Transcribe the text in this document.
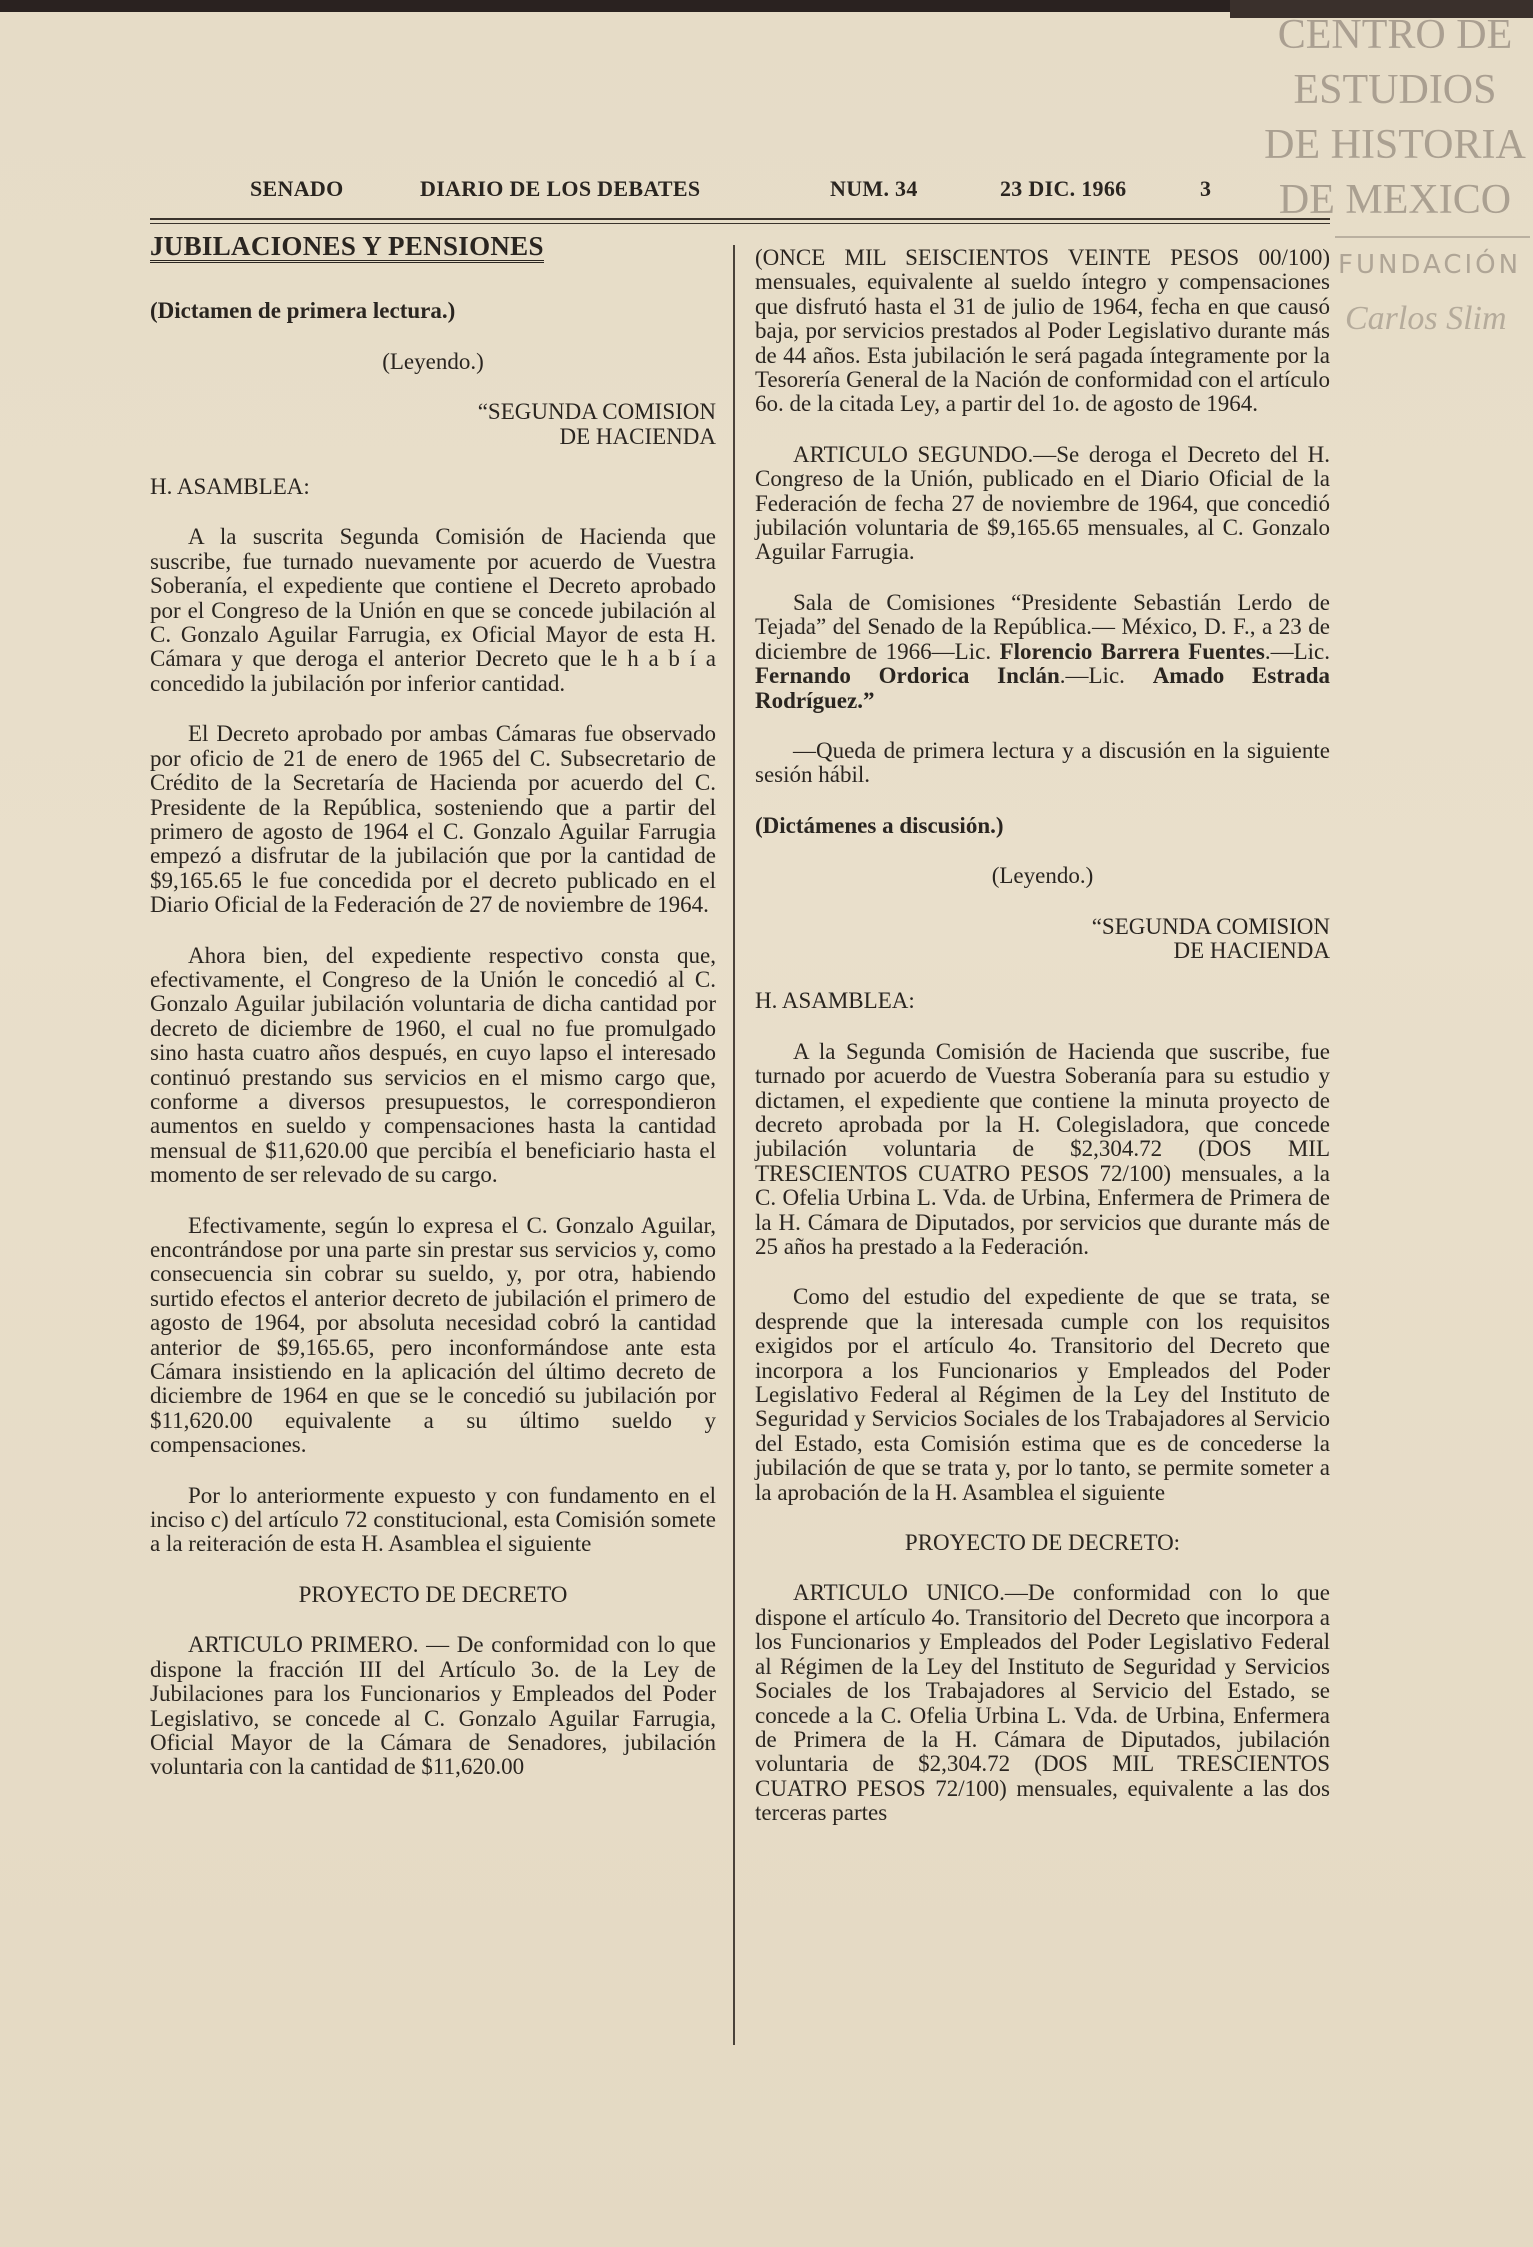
CENTRO DE
ESTUDIOS
DE HISTORIA
DE MEXICO
FUNDACIÓN
Carlos Slim
SENADO	DIARIO DE LOS DEBATES	NUM. 34	23 DIC. 1966	3
JUBILACIONES Y PENSIONES

(Dictamen de primera lectura.)

(Leyendo.)

“SEGUNDA COMISION

DE HACIENDA

H. ASAMBLEA:

A la suscrita Segunda Comisión de Hacienda que suscribe, fue turnado nuevamente por acuerdo de Vuestra Soberanía, el expediente que contiene el Decreto aprobado por el Congreso de la Unión en que se concede jubilación al C. Gonzalo Aguilar Farrugia, ex Oficial Mayor de esta H. Cámara y que deroga el anterior Decreto que le h a b í a concedido la jubilación por inferior cantidad.

El Decreto aprobado por ambas Cámaras fue observado por oficio de 21 de enero de 1965 del C. Subsecretario de Crédito de la Secretaría de Hacienda por acuerdo del C. Presidente de la República, sosteniendo que a partir del primero de agosto de 1964 el C. Gonzalo Aguilar Farrugia empezó a disfrutar de la jubilación que por la cantidad de $9,165.65 le fue concedida por el decreto publicado en el Diario Oficial de la Federación de 27 de noviembre de 1964.

Ahora bien, del expediente respectivo consta que, efectivamente, el Congreso de la Unión le concedió al C. Gonzalo Aguilar jubilación voluntaria de dicha cantidad por decreto de diciembre de 1960, el cual no fue promulgado sino hasta cuatro años después, en cuyo lapso el interesado continuó prestando sus servicios en el mismo cargo que, conforme a diversos presupuestos, le correspondieron aumentos en sueldo y compensaciones hasta la cantidad mensual de $11,620.00 que percibía el beneficiario hasta el momento de ser relevado de su cargo.

Efectivamente, según lo expresa el C. Gonzalo Aguilar, encontrándose por una parte sin prestar sus servicios y, como consecuencia sin cobrar su sueldo, y, por otra, habiendo surtido efectos el anterior decreto de jubilación el primero de agosto de 1964, por absoluta necesidad cobró la cantidad anterior de $9,165.65, pero inconformándose ante esta Cámara insistiendo en la aplicación del último decreto de diciembre de 1964 en que se le concedió su jubilación por $11,620.00 equivalente a su último sueldo y compensaciones.

Por lo anteriormente expuesto y con fundamento en el inciso c) del artículo 72 constitucional, esta Comisión somete a la reiteración de esta H. Asamblea el siguiente

PROYECTO DE DECRETO

ARTICULO PRIMERO. — De conformidad con lo que dispone la fracción III del Artículo 3o. de la Ley de Jubilaciones para los Funcionarios y Empleados del Poder Legislativo, se concede al C. Gonzalo Aguilar Farrugia, Oficial Mayor de la Cámara de Senadores, jubilación voluntaria con la cantidad de $11,620.00

(ONCE MIL SEISCIENTOS VEINTE PESOS 00/100) mensuales, equivalente al sueldo íntegro y compensaciones que disfrutó hasta el 31 de julio de 1964, fecha en que causó baja, por servicios prestados al Poder Legislativo durante más de 44 años. Esta jubilación le será pagada íntegramente por la Tesorería General de la Nación de conformidad con el artículo 6o. de la citada Ley, a partir del 1o. de agosto de 1964.

ARTICULO SEGUNDO.—Se deroga el Decreto del H. Congreso de la Unión, publicado en el Diario Oficial de la Federación de fecha 27 de noviembre de 1964, que concedió jubilación voluntaria de $9,165.65 mensuales, al C. Gonzalo Aguilar Farrugia.

Sala de Comisiones “Presidente Sebastián Lerdo de Tejada” del Senado de la República.— México, D. F., a 23 de diciembre de 1966—Lic. Florencio Barrera Fuentes.—Lic. Fernando Ordorica Inclán.—Lic. Amado Estrada Rodríguez.”

—Queda de primera lectura y a discusión en la siguiente sesión hábil.

(Dictámenes a discusión.)

(Leyendo.)

“SEGUNDA COMISION

DE HACIENDA

H. ASAMBLEA:

A la Segunda Comisión de Hacienda que suscribe, fue turnado por acuerdo de Vuestra Soberanía para su estudio y dictamen, el expediente que contiene la minuta proyecto de decreto aprobada por la H. Colegisladora, que concede jubilación voluntaria de $2,304.72 (DOS MIL TRESCIENTOS CUATRO PESOS 72/100) mensuales, a la C. Ofelia Urbina L. Vda. de Urbina, Enfermera de Primera de la H. Cámara de Diputados, por servicios que durante más de 25 años ha prestado a la Federación.

Como del estudio del expediente de que se trata, se desprende que la interesada cumple con los requisitos exigidos por el artículo 4o. Transitorio del Decreto que incorpora a los Funcionarios y Empleados del Poder Legislativo Federal al Régimen de la Ley del Instituto de Seguridad y Servicios Sociales de los Trabajadores al Servicio del Estado, esta Comisión estima que es de concederse la jubilación de que se trata y, por lo tanto, se permite someter a la aprobación de la H. Asamblea el siguiente

PROYECTO DE DECRETO:

ARTICULO UNICO.—De conformidad con lo que dispone el artículo 4o. Transitorio del Decreto que incorpora a los Funcionarios y Empleados del Poder Legislativo Federal al Régimen de la Ley del Instituto de Seguridad y Servicios Sociales de los Trabajadores al Servicio del Estado, se concede a la C. Ofelia Urbina L. Vda. de Urbina, Enfermera de Primera de la H. Cámara de Diputados, jubilación voluntaria de $2,304.72 (DOS MIL TRESCIENTOS CUATRO PESOS 72/100) mensuales, equivalente a las dos terceras partes
